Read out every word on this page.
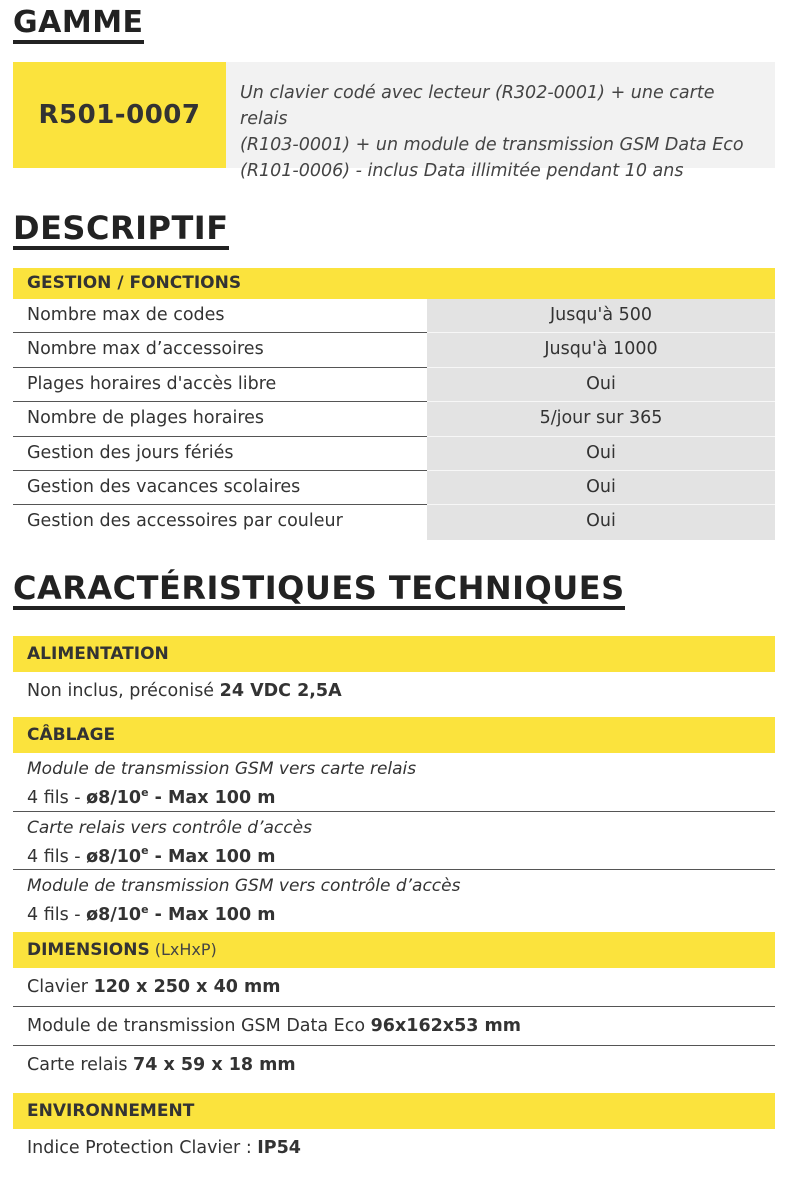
GAMME
R501-0007
Un clavier codé avec lecteur (R302-0001) + une carte relais
(R103-0001) + un module de transmission GSM Data Eco
(R101-0006) - inclus Data illimitée pendant 10 ans
DESCRIPTIF
GESTION / FONCTIONS
Nombre max de codes	Jusqu'à 500
Nombre max d’accessoires	Jusqu'à 1000
Plages horaires d'accès libre	Oui
Nombre de plages horaires	5/jour sur 365
Gestion des jours fériés	Oui
Gestion des vacances scolaires	Oui
Gestion des accessoires par couleur	Oui
CARACTÉRISTIQUES TECHNIQUES
ALIMENTATION
Non inclus, préconisé 24 VDC 2,5A
CÂBLAGE
Module de transmission GSM vers carte relais
4 fils - ø8/10e - Max 100 m
Carte relais vers contrôle d’accès
4 fils - ø8/10e - Max 100 m
Module de transmission GSM vers contrôle d’accès
4 fils - ø8/10e - Max 100 m
DIMENSIONS (LxHxP)
Clavier 120 x 250 x 40 mm
Module de transmission GSM Data Eco 96x162x53 mm
Carte relais 74 x 59 x 18 mm
ENVIRONNEMENT
Indice Protection Clavier : IP54
